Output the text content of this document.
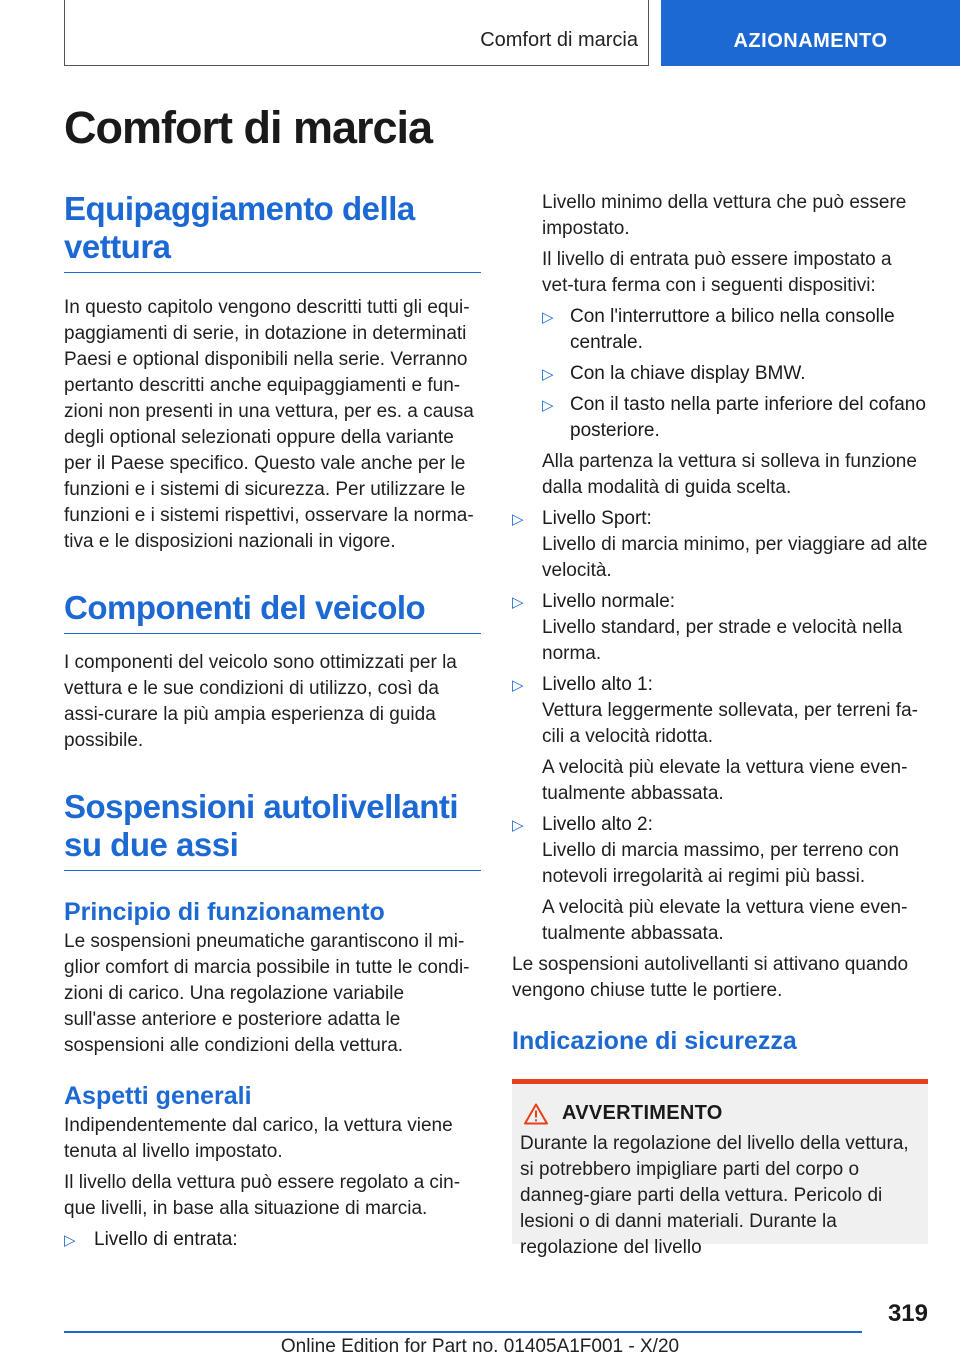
Comfort di marcia	AZIONAMENTO
Comfort di marcia
Equipaggiamento della vettura
In questo capitolo vengono descritti tutti gli equi-paggiamenti di serie, in dotazione in determinati Paesi e optional disponibili nella serie. Verranno pertanto descritti anche equipaggiamenti e fun-zioni non presenti in una vettura, per es. a causa degli optional selezionati oppure della variante per il Paese specifico. Questo vale anche per le funzioni e i sistemi di sicurezza. Per utilizzare le funzioni e i sistemi rispettivi, osservare la norma-tiva e le disposizioni nazionali in vigore.
Componenti del veicolo
I componenti del veicolo sono ottimizzati per la vettura e le sue condizioni di utilizzo, così da assi-curare la più ampia esperienza di guida possibile.
Sospensioni autolivellanti su due assi
Principio di funzionamento
Le sospensioni pneumatiche garantiscono il mi-glior comfort di marcia possibile in tutte le condi-zioni di carico. Una regolazione variabile sull'asse anteriore e posteriore adatta le sospensioni alle condizioni della vettura.
Aspetti generali
Indipendentemente dal carico, la vettura viene tenuta al livello impostato.
Il livello della vettura può essere regolato a cin-que livelli, in base alla situazione di marcia.
▷ Livello di entrata:
Livello minimo della vettura che può essere impostato.
Il livello di entrata può essere impostato a vet-tura ferma con i seguenti dispositivi:
▷ Con l'interruttore a bilico nella consolle centrale.
▷ Con la chiave display BMW.
▷ Con il tasto nella parte inferiore del cofano posteriore.
Alla partenza la vettura si solleva in funzione dalla modalità di guida scelta.
▷ Livello Sport:
Livello di marcia minimo, per viaggiare ad alte velocità.
▷ Livello normale:
Livello standard, per strade e velocità nella norma.
▷ Livello alto 1:
Vettura leggermente sollevata, per terreni fa-cili a velocità ridotta.
A velocità più elevate la vettura viene even-tualmente abbassata.
▷ Livello alto 2:
Livello di marcia massimo, per terreno con notevoli irregolarità ai regimi più bassi.
A velocità più elevate la vettura viene even-tualmente abbassata.
Le sospensioni autolivellanti si attivano quando vengono chiuse tutte le portiere.
Indicazione di sicurezza
AVVERTIMENTO
Durante la regolazione del livello della vettura, si potrebbero impigliare parti del corpo o danneg-giare parti della vettura. Pericolo di lesioni o di danni materiali. Durante la regolazione del livello
319
Online Edition for Part no. 01405A1F001 - X/20
